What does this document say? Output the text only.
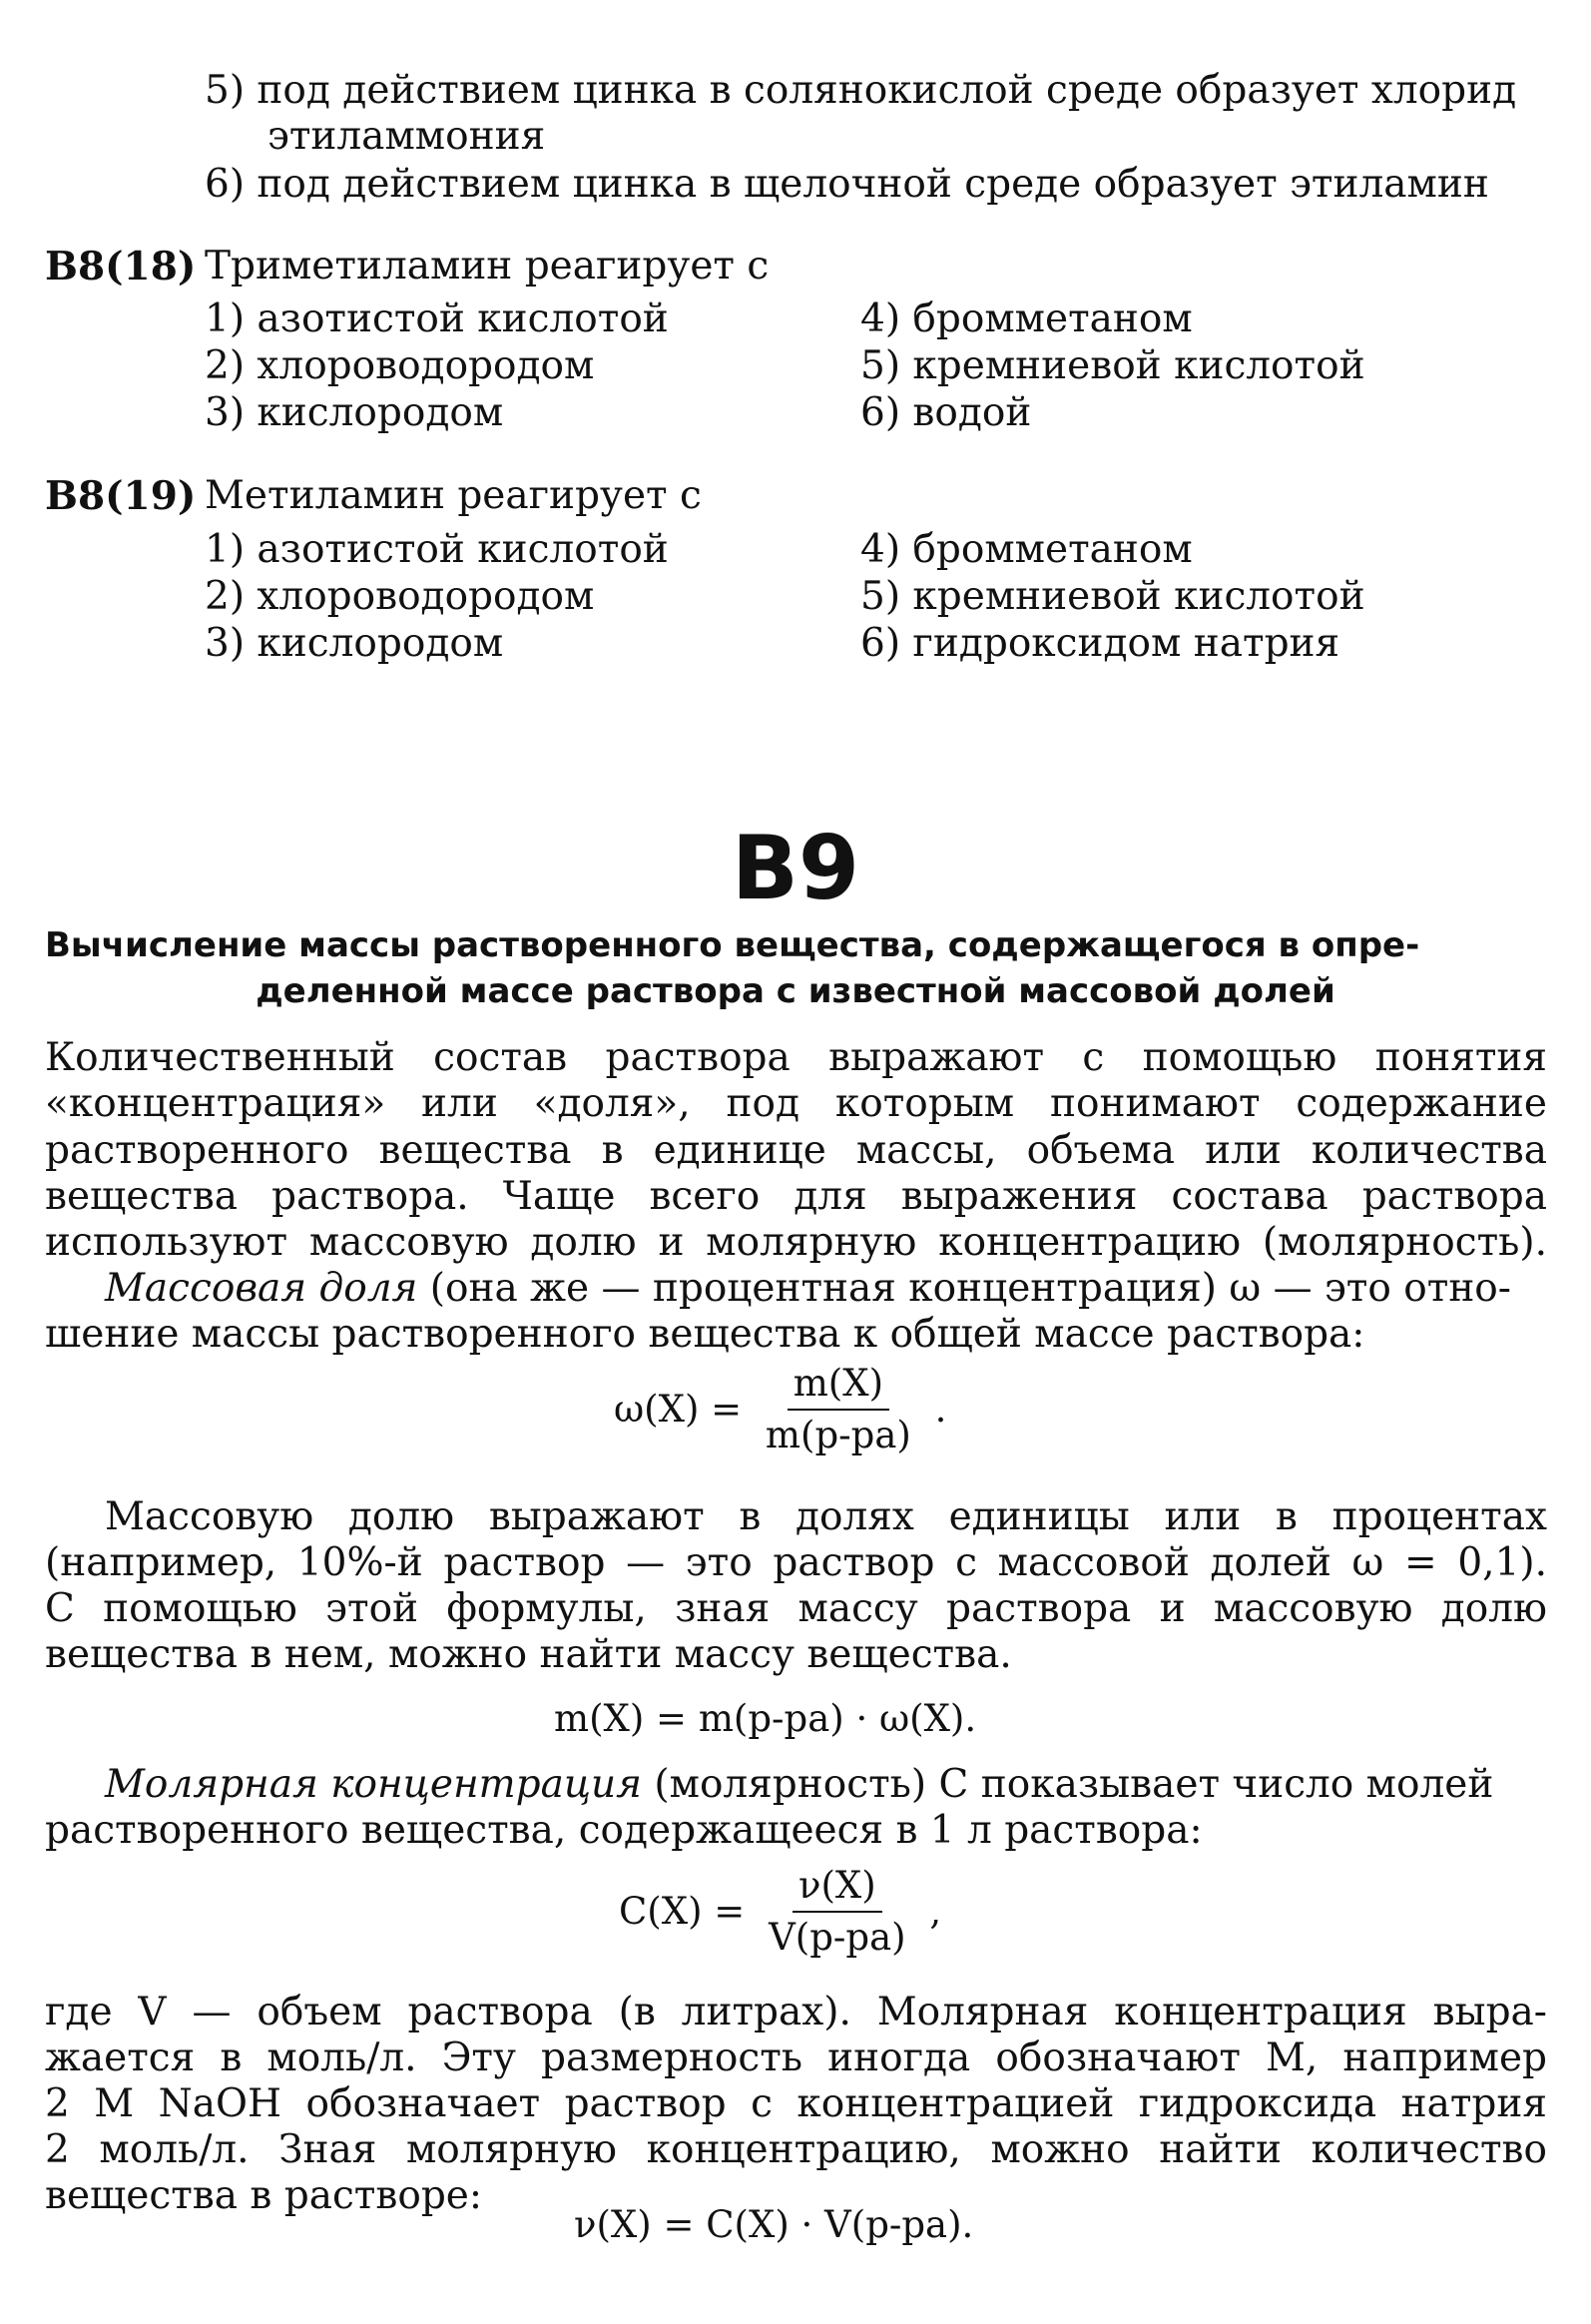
5) под действием цинка в солянокислой среде образует хлорид
этиламмония
6) под действием цинка в щелочной среде образует этиламин
B8(18) Триметиламин реагирует с
1) азотистой кислотой
2) хлороводородом
3) кислородом
4) бромметаном
5) кремниевой кислотой
6) водой
B8(19) Метиламин реагирует с
1) азотистой кислотой
2) хлороводородом
3) кислородом
4) бромметаном
5) кремниевой кислотой
6) гидроксидом натрия
B9
Вычисление массы растворенного вещества, содержащегося в опре-
деленной массе раствора с известной массовой долей
Количественный состав раствора выражают с помощью понятия
«концентрация» или «доля», под которым понимают содержание
растворенного вещества в единице массы, объема или количества
вещества раствора. Чаще всего для выражения состава раствора
используют массовую долю и молярную концентрацию (молярность).
Массовая доля (она же — процентная концентрация) ω — это отно-
шение массы растворенного вещества к общей массе раствора:
$\omega(X) = \frac{m(X)}{m(р-ра)}$ .
Массовую долю выражают в долях единицы или в процентах
(например, 10%-й раствор — это раствор с массовой долей ω = 0,1).
С помощью этой формулы, зная массу раствора и массовую долю
вещества в нем, можно найти массу вещества.
m(X) = m(р-ра) · ω(X).
Молярная концентрация (молярность) C показывает число молей
растворенного вещества, содержащееся в 1 л раствора:
$C(X) = \frac{\nu(X)}{V(р-ра)}$ ,
где V — объем раствора (в литрах). Молярная концентрация выра-
жается в моль/л. Эту размерность иногда обозначают М, например
2 М NaOH обозначает раствор с концентрацией гидроксида натрия
2 моль/л. Зная молярную концентрацию, можно найти количество
вещества в растворе:
ν(X) = C(X) · V(р-ра).
